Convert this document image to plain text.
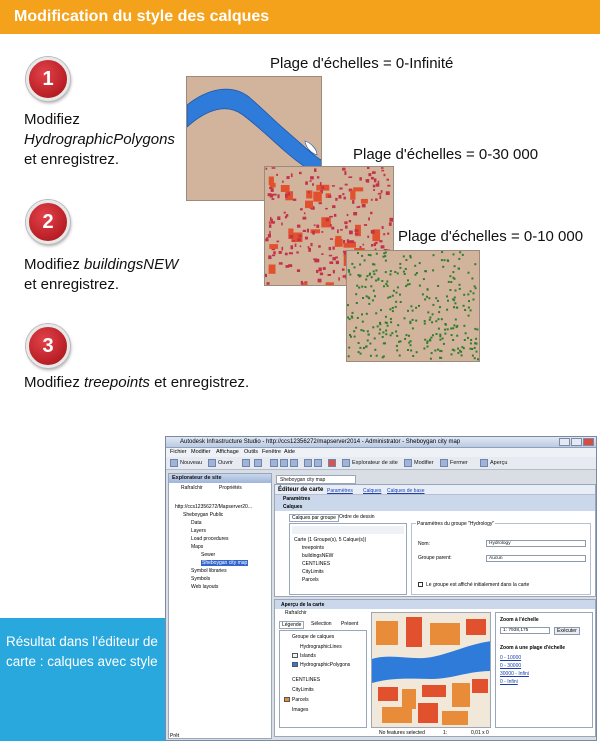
Modification du style des calques
1
Modifiez
HydrographicPolygons
et enregistrez.
2
Modifiez buildingsNEW
et enregistrez.
3
Modifiez treepoints et enregistrez.
Plage d'échelles = 0-Infinité
Plage d'échelles = 0-30 000
Plage d'échelles = 0-10 000
Résultat dans l'éditeur de carte : calques avec style
Autodesk Infrastructure Studio - http://ccs12356272/mapserver2014 - Administrator - Sheboygan city map
Fichier Modifier Affichage Outils Fenêtre Aide
Nouveau	Ouvrir	Explorateur de site	Modifier	Fermer	Aperçu
Explorateur de site
Rafraîchir	Propriétés
http://ccs12356272/Mapserver20...
Sheboygan Public
Data
Layers
Load procedures
Maps
Sewer
Sheboygan city map
Symbol libraries
Symbols
Web layouts
Sheboygan city map
Éditeur de carte Paramètres Calques Calques de base
Paramètres
Calques
Calques par groupe Ordre de dessin
Carte (1 Groupe(s), 5 Calque(s))
treepoints
buildingsNEW
CENTLINES
CityLimits
Parcels
Paramètres du groupe "Hydrology"
Nom:	Hydrology
Groupe parent:	Aucun
Le groupe est affiché initialement dans la carte
Aperçu de la carte
Rafraîchir
Légende	Sélection	Présent
Groupe de calques
HydrographicLines
Islands
HydrographicPolygons
CENTLINES
CityLimits
Parcels
Images
Zoom à l'échelle
1: 7938,175	Exécuter
Zoom à une plage d'échelle
0 - 10000
0 - 30000
30000 - Infini
0 - Infini
No features selected	1:	0,01 x 0
Prêt
